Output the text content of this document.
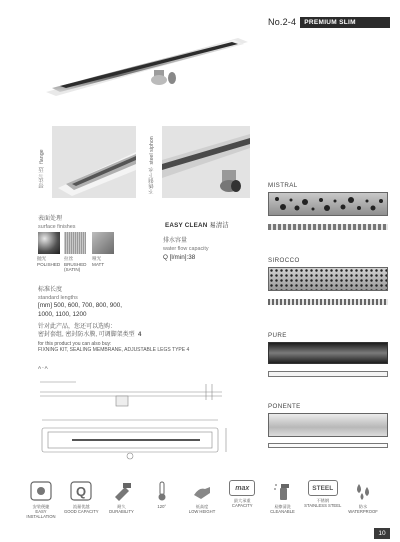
No.2-4	PREMIUM SLIM
带法兰边  flange
不锈钢下水  steel siphon
表面处理
surface finishes
抛光
POLISHED
拉丝
BRUSHED
(SATIN)
哑光
MATT
EASY CLEAN 易清洁
排水容量
water flow capacity
Q [l/min]:38
标准长度
standard lengths
[mm] 500, 600, 700, 800, 900,
1000, 1100, 1200
针对此产品，您还可以选购：
密封套组, 密封防水膜, 可调脚架类型 4
for this product you can also buy:
FIXNING KIT, SEALING MEMBRANE, ADJUSTABLE LEGS TYPE 4
A - A
MISTRAL
SIROCCO
PURE
PONENTE
安装便捷
EASY INSTALLATION
Q
流量优越
GOOD CAPACITY
耐久
DURABILITY
120°	低高度
LOW HEIGHT
max
最大承重
CAPACITY	易擦清洗
CLEANABLE
STEEL
不锈钢
STAINLESS STEEL	防水
WATERPROOF
10
